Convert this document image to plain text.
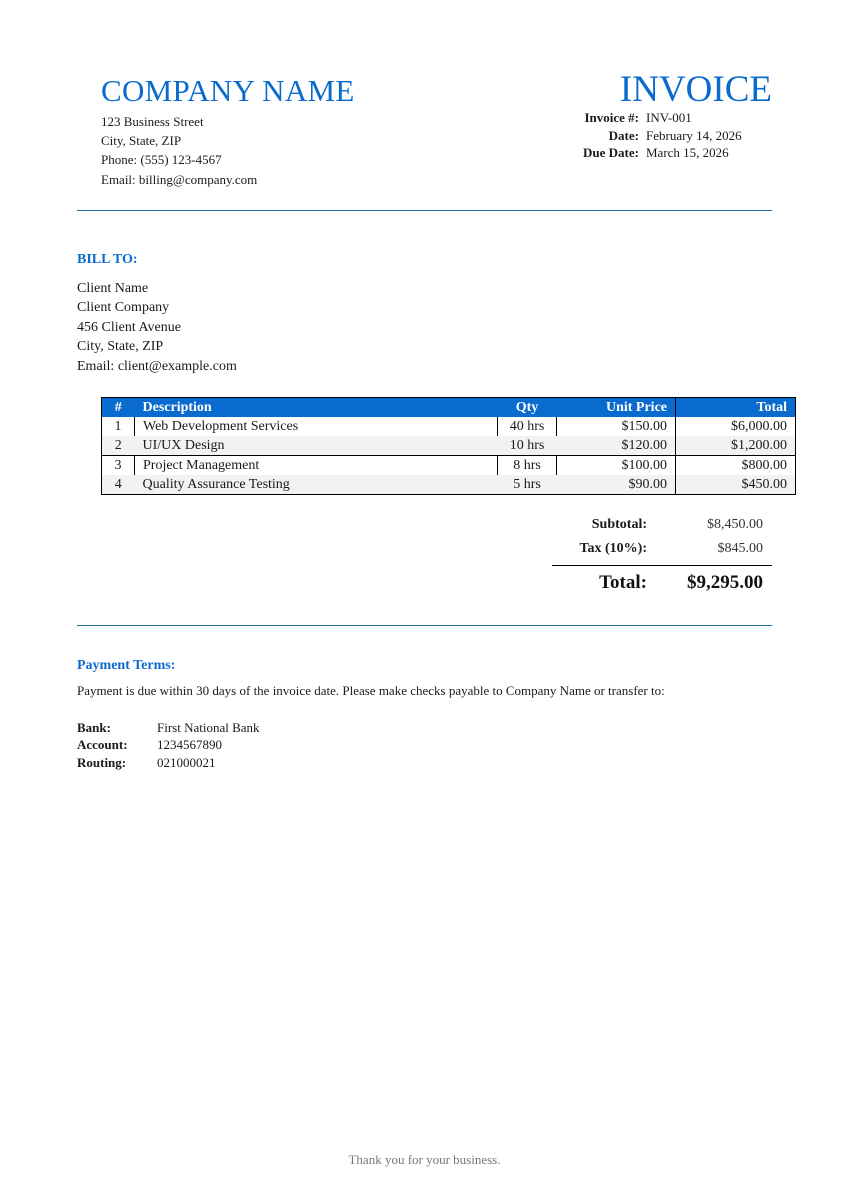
COMPANY NAME
123 Business Street
City, State, ZIP
Phone: (555) 123-4567
Email: billing@company.com
INVOICE
Invoice #: INV-001
Date: February 14, 2026
Due Date: March 15, 2026
BILL TO:
Client Name
Client Company
456 Client Avenue
City, State, ZIP
Email: client@example.com
#	Description	Qty	Unit Price	Total
1	Web Development Services	40 hrs	$150.00	$6,000.00
2	UI/UX Design	10 hrs	$120.00	$1,200.00
3	Project Management	8 hrs	$100.00	$800.00
4	Quality Assurance Testing	5 hrs	$90.00	$450.00
Subtotal:	$8,450.00
Tax (10%):	$845.00
Total:	$9,295.00
Payment Terms:
Payment is due within 30 days of the invoice date. Please make checks payable to Company Name or transfer to:
Bank:	First National Bank
Account:	1234567890
Routing:	021000021
Thank you for your business.
